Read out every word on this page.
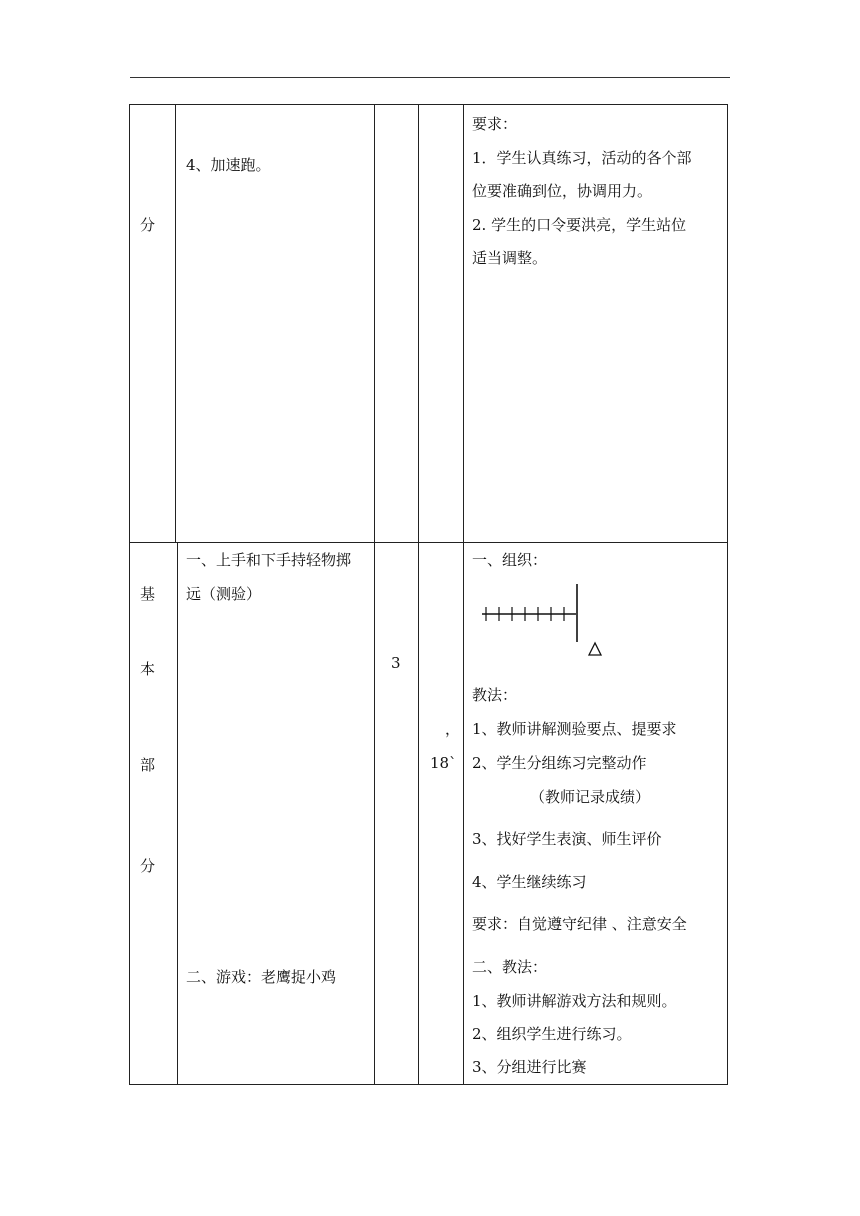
分
4、加速跑。
要求：
1．学生认真练习，活动的各个部
位要准确到位，协调用力。
2. 学生的口令要洪亮，学生站位
适当调整。
基
本
部
分
一、上手和下手持轻物掷
远（测验）
二、游戏：老鹰捉小鸡
3
，
18`
一、组织：
教法：
1、教师讲解测验要点、提要求
2、学生分组练习完整动作
（教师记录成绩）
3、找好学生表演、师生评价
4、学生继续练习
要求：自觉遵守纪律 、注意安全
二、教法：
1、教师讲解游戏方法和规则。
2、组织学生进行练习。
3、分组进行比赛
